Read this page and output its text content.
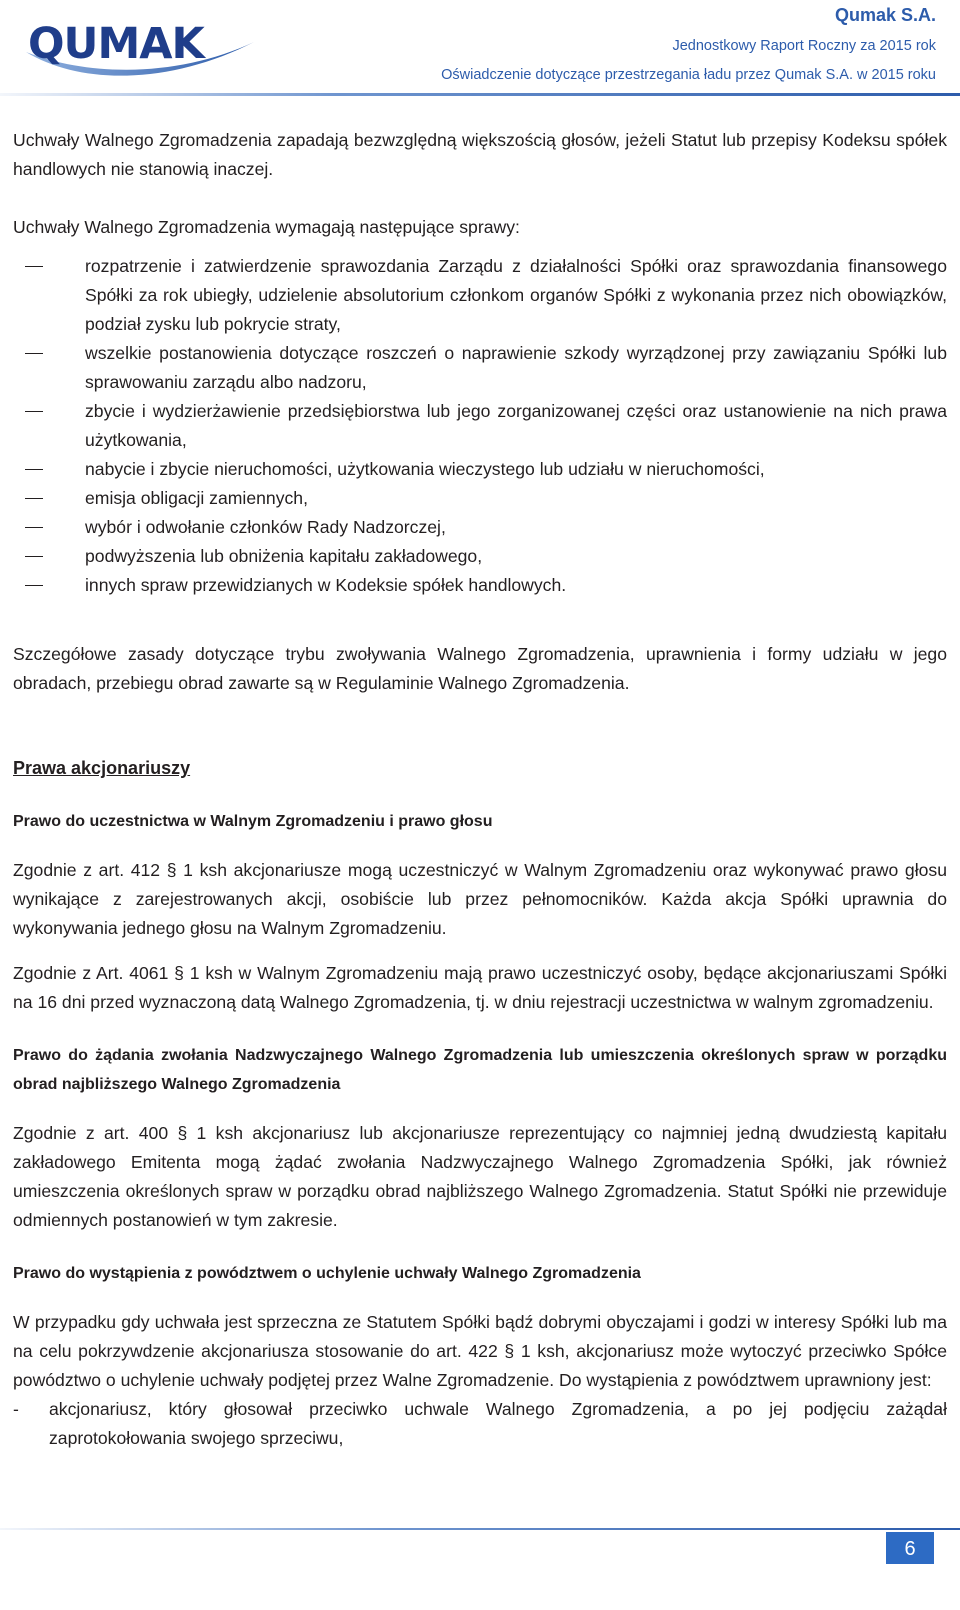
QUMAK
Qumak S.A.
Jednostkowy Raport Roczny za 2015 rok
Oświadczenie dotyczące przestrzegania ładu przez Qumak S.A. w 2015 roku

Uchwały Walnego Zgromadzenia zapadają bezwzględną większością głosów, jeżeli Statut lub przepisy Kodeksu spółek handlowych nie stanowią inaczej.

Uchwały Walnego Zgromadzenia wymagają następujące sprawy:

rozpatrzenie i zatwierdzenie sprawozdania Zarządu z działalności Spółki oraz sprawozdania finansowego Spółki za rok ubiegły, udzielenie absolutorium członkom organów Spółki z wykonania przez nich obowiązków, podział zysku lub pokrycie straty,
wszelkie postanowienia dotyczące roszczeń o naprawienie szkody wyrządzonej przy zawiązaniu Spółki lub sprawowaniu zarządu albo nadzoru,
zbycie i wydzierżawienie przedsiębiorstwa lub jego zorganizowanej części oraz ustanowienie na nich prawa użytkowania,
nabycie i zbycie nieruchomości, użytkowania wieczystego lub udziału w nieruchomości,
emisja obligacji zamiennych,
wybór i odwołanie członków Rady Nadzorczej,
podwyższenia lub obniżenia kapitału zakładowego,
innych spraw przewidzianych w Kodeksie spółek handlowych.

Szczegółowe zasady dotyczące trybu zwoływania Walnego Zgromadzenia, uprawnienia i formy udziału w jego obradach, przebiegu obrad zawarte są w Regulaminie Walnego Zgromadzenia.

Prawa akcjonariuszy
Prawo do uczestnictwa w Walnym Zgromadzeniu i prawo głosu

Zgodnie z art. 412 § 1 ksh akcjonariusze mogą uczestniczyć w Walnym Zgromadzeniu oraz wykonywać prawo głosu wynikające z zarejestrowanych akcji, osobiście lub przez pełnomocników. Każda akcja Spółki uprawnia do wykonywania jednego głosu na Walnym Zgromadzeniu.

Zgodnie z Art. 4061 § 1 ksh w Walnym Zgromadzeniu mają prawo uczestniczyć osoby, będące akcjonariuszami Spółki na 16 dni przed wyznaczoną datą Walnego Zgromadzenia, tj. w dniu rejestracji uczestnictwa w walnym zgromadzeniu.

Prawo do żądania zwołania Nadzwyczajnego Walnego Zgromadzenia lub umieszczenia określonych spraw w porządku obrad najbliższego Walnego Zgromadzenia

Zgodnie z art. 400 § 1 ksh akcjonariusz lub akcjonariusze reprezentujący co najmniej jedną dwudziestą kapitału zakładowego Emitenta mogą żądać zwołania Nadzwyczajnego Walnego Zgromadzenia Spółki, jak również umieszczenia określonych spraw w porządku obrad najbliższego Walnego Zgromadzenia. Statut Spółki nie przewiduje odmiennych postanowień w tym zakresie.

Prawo do wystąpienia z powództwem o uchylenie uchwały Walnego Zgromadzenia

W przypadku gdy uchwała jest sprzeczna ze Statutem Spółki bądź dobrymi obyczajami i godzi w interesy Spółki lub ma na celu pokrzywdzenie akcjonariusza stosowanie do art. 422 § 1 ksh, akcjonariusz może wytoczyć przeciwko Spółce powództwo o uchylenie uchwały podjętej przez Walne Zgromadzenie. Do wystąpienia z powództwem uprawniony jest:

- akcjonariusz, który głosował przeciwko uchwale Walnego Zgromadzenia, a po jej podjęciu zażądał zaprotokołowania swojego sprzeciwu,
6
